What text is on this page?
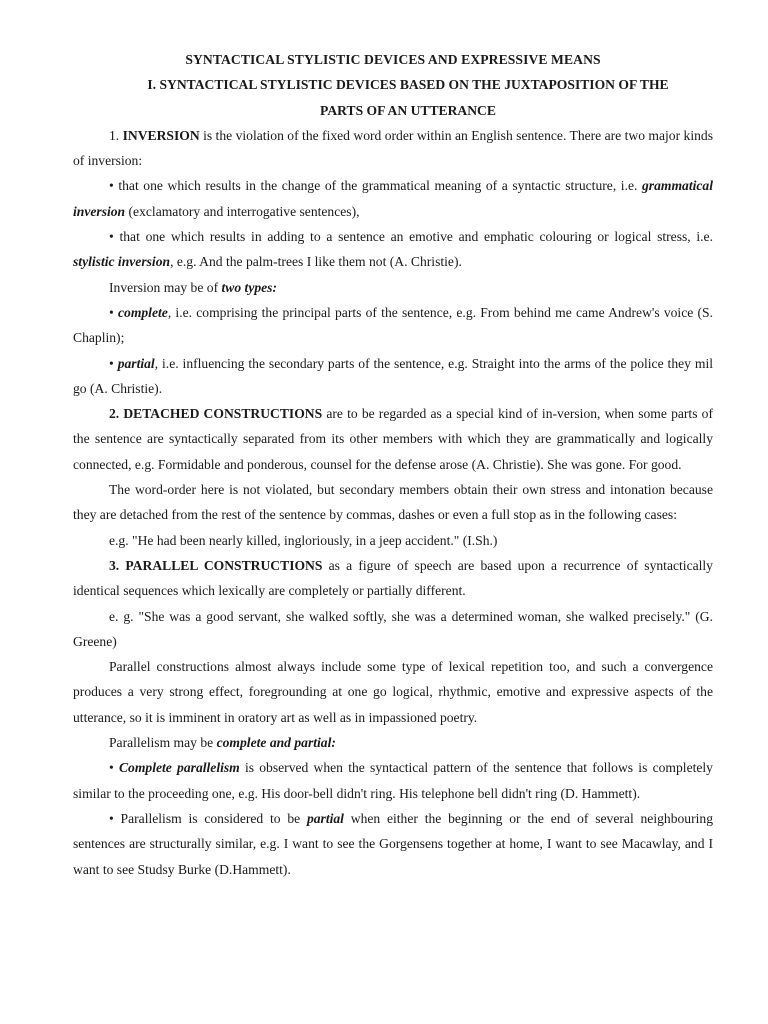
SYNTACTICAL STYLISTIC DEVICES AND EXPRESSIVE MEANS
I. SYNTACTICAL STYLISTIC DEVICES BASED ON THE JUXTAPOSITION OF THE
PARTS OF AN UTTERANCE

1. INVERSION is the violation of the fixed word order within an English sentence. There are two major kinds of inversion:

• that one which results in the change of the grammatical meaning of a syntactic structure, i.e. grammatical inversion (exclamatory and interrogative sentences),

• that one which results in adding to a sentence an emotive and emphatic colouring or logical stress, i.e. stylistic inversion, e.g. And the palm-trees I like them not (A. Christie).

Inversion may be of two types:

• complete, i.e. comprising the principal parts of the sentence, e.g. From behind me came Andrew's voice (S. Chaplin);

• partial, i.e. influencing the secondary parts of the sentence, e.g. Straight into the arms of the police they mil go (A. Christie).

2. DETACHED CONSTRUCTIONS are to be regarded as a special kind of in-version, when some parts of the sentence are syntactically separated from its other members with which they are grammatically and logically connected, e.g. Formidable and ponderous, counsel for the defense arose (A. Christie). She was gone. For good.

The word-order here is not violated, but secondary members obtain their own stress and intonation because they are detached from the rest of the sentence by commas, dashes or even a full stop as in the following cases:

e.g. "He had been nearly killed, ingloriously, in a jeep accident." (I.Sh.)

3. PARALLEL CONSTRUCTIONS as a figure of speech are based upon a recurrence of syntactically identical sequences which lexically are completely or partially different.

e. g. "She was a good servant, she walked softly, she was a determined woman, she walked precisely." (G. Greene)

Parallel constructions almost always include some type of lexical repetition too, and such a convergence produces a very strong effect, foregrounding at one go logical, rhythmic, emotive and expressive aspects of the utterance, so it is imminent in oratory art as well as in impassioned poetry.

Parallelism may be complete and partial:

• Complete parallelism is observed when the syntactical pattern of the sentence that follows is completely similar to the proceeding one, e.g. His door-bell didn't ring. His telephone bell didn't ring (D. Hammett).

• Parallelism is considered to be partial when either the beginning or the end of several neighbouring sentences are structurally similar, e.g. I want to see the Gorgensens together at home, I want to see Macawlay, and I want to see Studsy Burke (D.Hammett).
